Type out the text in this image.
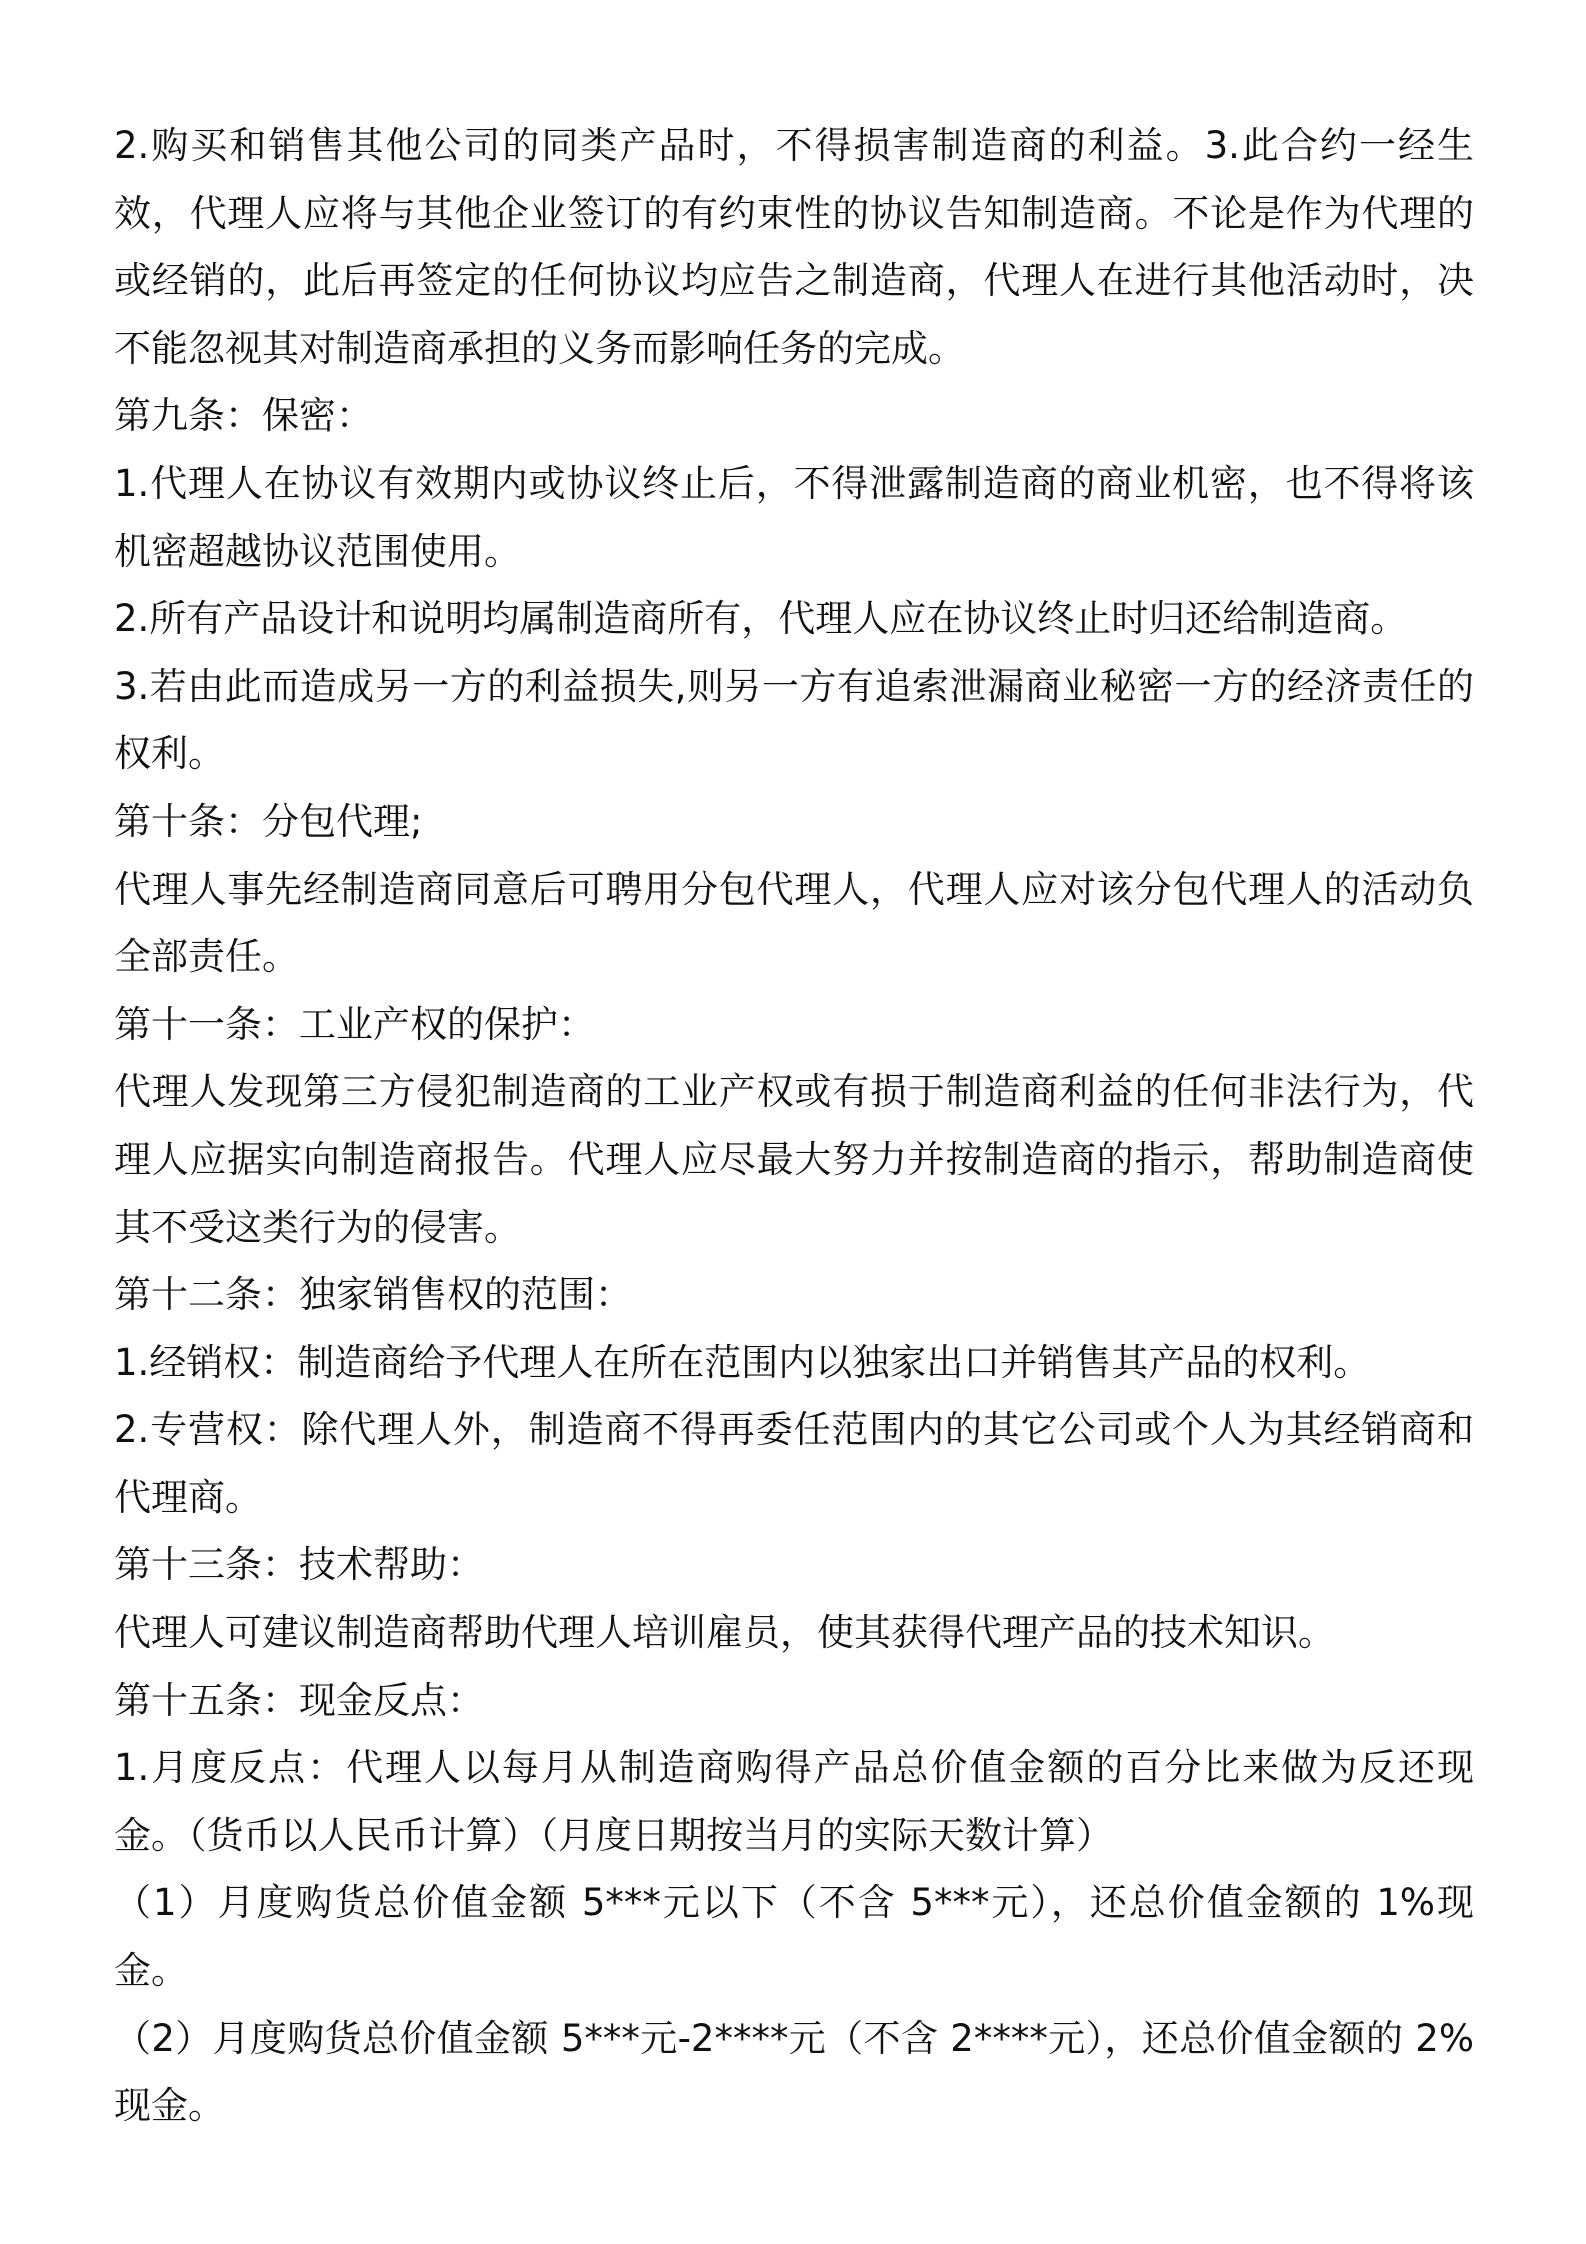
2.购买和销售其他公司的同类产品时，不得损害制造商的利益。3.此合约一经生效，代理人应将与其他企业签订的有约束性的协议告知制造商。不论是作为代理的或经销的，此后再签定的任何协议均应告之制造商，代理人在进行其他活动时，决不能忽视其对制造商承担的义务而影响任务的完成。

第九条：保密：

1.代理人在协议有效期内或协议终止后，不得泄露制造商的商业机密，也不得将该机密超越协议范围使用。

2.所有产品设计和说明均属制造商所有，代理人应在协议终止时归还给制造商。

3.若由此而造成另一方的利益损失,则另一方有追索泄漏商业秘密一方的经济责任的权利。

第十条：分包代理;

代理人事先经制造商同意后可聘用分包代理人，代理人应对该分包代理人的活动负全部责任。

第十一条：工业产权的保护：

代理人发现第三方侵犯制造商的工业产权或有损于制造商利益的任何非法行为，代理人应据实向制造商报告。代理人应尽最大努力并按制造商的指示，帮助制造商使其不受这类行为的侵害。

第十二条：独家销售权的范围：

1.经销权：制造商给予代理人在所在范围内以独家出口并销售其产品的权利。

2.专营权：除代理人外，制造商不得再委任范围内的其它公司或个人为其经销商和代理商。

第十三条：技术帮助：

代理人可建议制造商帮助代理人培训雇员，使其获得代理产品的技术知识。

第十五条：现金反点：

1.月度反点：代理人以每月从制造商购得产品总价值金额的百分比来做为反还现金。（货币以人民币计算）（月度日期按当月的实际天数计算）

（1）月度购货总价值金额 5***元以下（不含 5***元），还总价值金额的 1%现金。

（2）月度购货总价值金额 5***元-2****元（不含 2****元），还总价值金额的 2%现金。
